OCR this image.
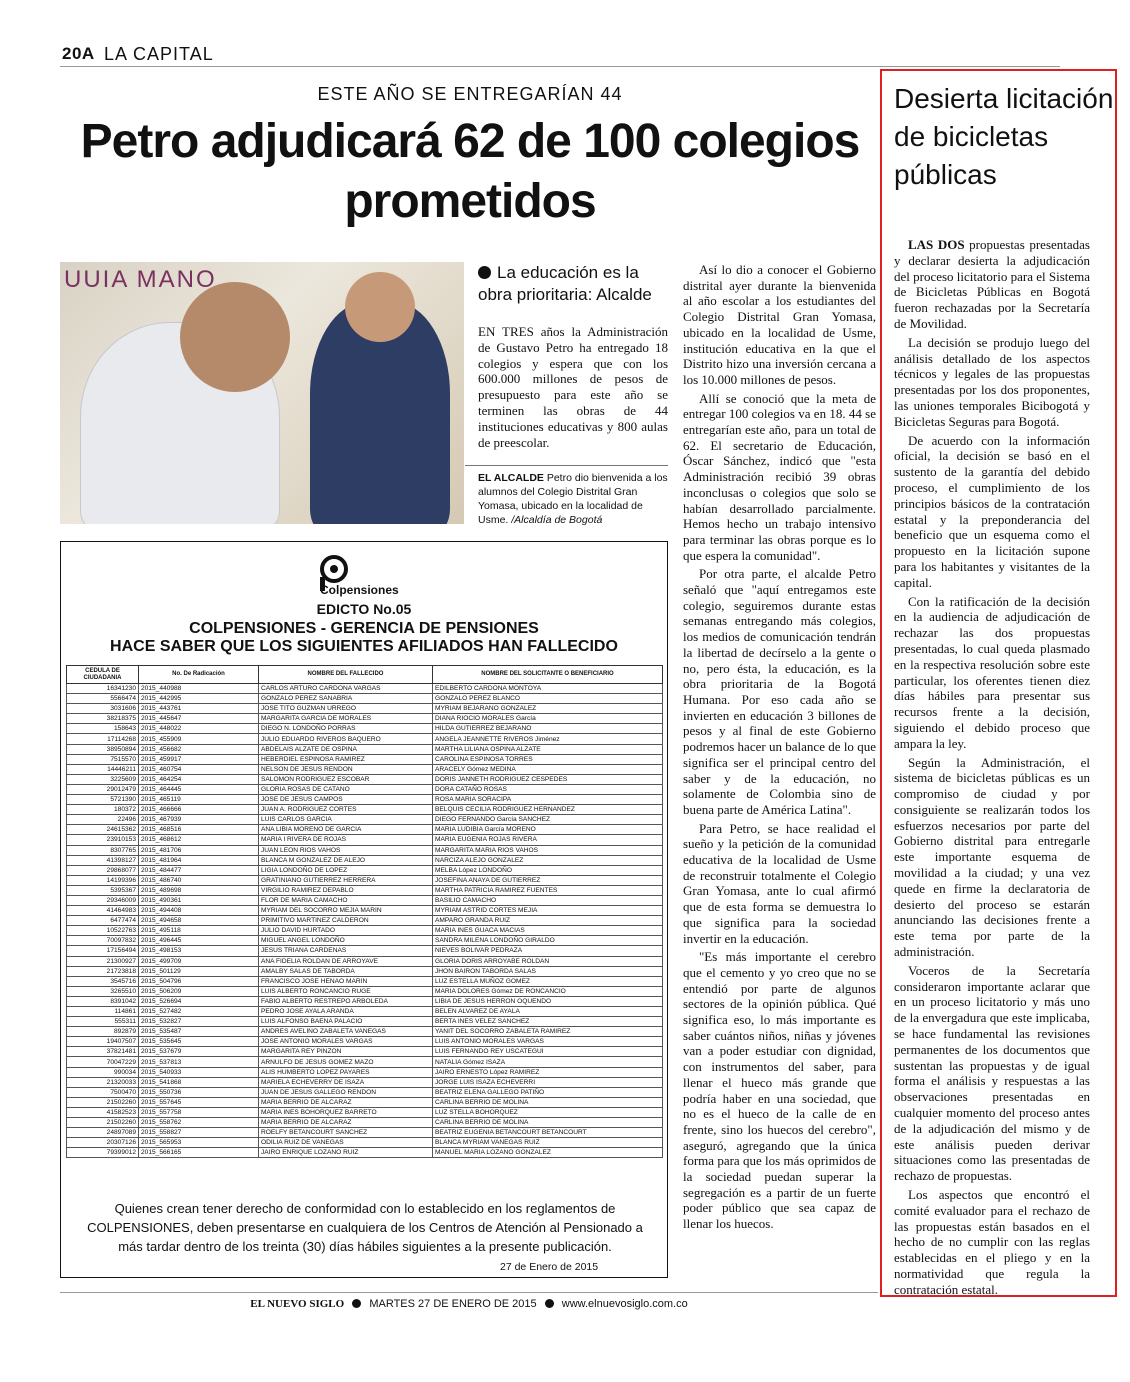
20A LA CAPITAL
ESTE AÑO SE ENTREGARÍAN 44
Petro adjudicará 62 de 100 colegios prometidos
UUIA MANO	La educación es la obra prioritaria: Alcalde
EN TRES años la Administración de Gustavo Petro ha entregado 18 colegios y espera que con los 600.000 millones de pesos de presupuesto para este año se terminen las obras de 44 instituciones educativas y 800 aulas de preescolar.
EL ALCALDE Petro dio bienvenida a los alumnos del Colegio Distrital Gran Yomasa, ubicado en la localidad de Usme. /Alcaldía de Bogotá

Así lo dio a conocer el Gobierno distrital ayer durante la bienvenida al año escolar a los estudiantes del Colegio Distrital Gran Yomasa, ubicado en la localidad de Usme, institución educativa en la que el Distrito hizo una inversión cercana a los 10.000 millones de pesos.

Allí se conoció que la meta de entregar 100 colegios va en 18. 44 se entregarían este año, para un total de 62. El secretario de Educación, Óscar Sánchez, indicó que "esta Administración recibió 39 obras inconclusas o colegios que solo se habían desarrollado parcialmente. Hemos hecho un trabajo intensivo para terminar las obras porque es lo que espera la comunidad".

Por otra parte, el alcalde Petro señaló que "aquí entregamos este colegio, seguiremos durante estas semanas entregando más colegios, los medios de comunicación tendrán la libertad de decírselo a la gente o no, pero ésta, la educación, es la obra prioritaria de la Bogotá Humana. Por eso cada año se invierten en educación 3 billones de pesos y al final de este Gobierno podremos hacer un balance de lo que significa ser el principal centro del saber y de la educación, no solamente de Colombia sino de buena parte de América Latina".

Para Petro, se hace realidad el sueño y la petición de la comunidad educativa de la localidad de Usme de reconstruir totalmente el Colegio Gran Yomasa, ante lo cual afirmó que de esta forma se demuestra lo que significa para la sociedad invertir en la educación.

"Es más importante el cerebro que el cemento y yo creo que no se entendió por parte de algunos sectores de la opinión pública. Qué significa eso, lo más importante es saber cuántos niños, niñas y jóvenes van a poder estudiar con dignidad, con instrumentos del saber, para llenar el hueco más grande que podría haber en una sociedad, que no es el hueco de la calle de en frente, sino los huecos del cerebro", aseguró, agregando que la única forma para que los más oprimidos de la sociedad puedan superar la segregación es a partir de un fuerte poder público que sea capaz de llenar los huecos.

Colpensiones
EDICTO No.05
COLPENSIONES - GERENCIA DE PENSIONES
HACE SABER QUE LOS SIGUIENTES AFILIADOS HAN FALLECIDO
CEDULA DE CIUDADANIA	No. De Radicación	NOMBRE DEL FALLECIDO	NOMBRE DEL SOLICITANTE O BENEFICIARIO
16341230	2015_440988	CARLOS ARTURO CARDONA VARGAS	EDILBERTO CARDONA MONTOYA
5566474	2015_442995	GONZALO PEREZ SANABRIA	GONZALO PEREZ BLANCO
3031606	2015_443761	JOSE TITO GUZMAN URREGO	MYRIAM BEJARANO GONZALEZ
38218375	2015_445647	MARGARITA GARCIA DE MORALES	DIANA RIOCIO MORALES García
158643	2015_448022	DIEGO N. LONDOÑO PORRAS	HILDA GUTIERREZ BEJARANO
17114268	2015_455909	JULIO EDUARDO RIVEROS BAQUERO	ANGELA JEANNETTE RIVEROS Jiménez
38950894	2015_456682	ABDELAIS ALZATE DE OSPINA	MARTHA LILIANA OSPINA ALZATE
7515570	2015_459917	HEBERDIEL ESPINOSA RAMIREZ	CAROLINA ESPINOSA TORRES
14446211	2015_460754	NELSON DE JESUS RENDON	ARACELY Gómez MEDINA
3225609	2015_464254	SALOMON RODRIGUEZ ESCOBAR	DORIS JANNETH RODRIGUEZ CESPEDES
29012479	2015_464445	GLORIA ROSAS DE CATANO	DORA CATAÑO ROSAS
5721390	2015_465119	JOSE DE JESUS CAMPOS	ROSA MARIA SORACIPA
180372	2015_466666	JUAN A. RODRIGUEZ CORTES	BELQUIS CECILIA RODRIGUEZ HERNANDEZ
22496	2015_467939	LUIS CARLOS GARCIA	DIEGO FERNANDO García SANCHEZ
24615362	2015_468516	ANA LIBIA MORENO DE GARCIA	MARIA LUDIBIA García MORENO
23910153	2015_468612	MARIA I RIVERA DE ROJAS	MARIA EUGENIA ROJAS RIVERA
8307765	2015_481706	JUAN LEON RIOS VAHOS	MARGARITA MARIA RIOS VAHOS
41398127	2015_481964	BLANCA M GONZALEZ DE ALEJO	NARCIZA ALEJO GONZALEZ
29868077	2015_484477	LIGIA LONDOÑO DE LOPEZ	MELBA López LONDOÑO
14199396	2015_486740	GRATINIANO GUTIERREZ HERRERA	JOSEFINA ANAYA DE GUTIERREZ
5395367	2015_489698	VIRGILIO RAMIREZ DEPABLO	MARTHA PATRICIA RAMIREZ FUENTES
29346009	2015_490361	FLOR DE MARIA CAMACHO	BASILIO CAMACHO
41464983	2015_494408	MYRIAM DEL SOCORRO MEJIA MARIN	MYRIAM ASTRID CORTES MEJIA
6477474	2015_494658	PRIMITIVO MARTINEZ CALDERON	AMPARO GRANDA RUIZ
10522763	2015_495118	JULIO DAVID HURTADO	MARIA INES GUACA MACIAS
70097832	2015_496445	MIGUEL ANGEL LONDOÑO	SANDRA MILENA LONDOÑO GIRALDO
17156494	2015_498153	JESUS TRIANA CARDENAS	NIEVES BOLIVAR PEDRAZA
21300927	2015_499709	ANA FIDELIA ROLDAN DE ARROYAVE	GLORIA DORIS ARROYABE ROLDAN
21723818	2015_501129	AMALBY SALAS DE TABORDA	JHON BAIRON TABORDA SALAS
3545716	2015_504796	FRANCISCO JOSE HENAO MARIN	LUZ ESTELLA MUÑOZ GOMEZ
3265510	2015_506209	LUIS ALBERTO RONCANCIO RUGE	MARIA DOLORES Gómez DE RONCANCIO
8391042	2015_526694	FABIO ALBERTO RESTREPO ARBOLEDA	LIBIA DE JESUS HERRON OQUENDO
114861	2015_527482	PEDRO JOSE AYALA ARANDA	BELEN ALVAREZ DE AYALA
555311	2015_532827	LUIS ALFONSO BAENA PALACIO	BERTA INES VELEZ SANCHEZ
892879	2015_535487	ANDRES AVELINO ZABALETA VANEGAS	YANIT DEL SOCORRO ZABALETA RAMIREZ
19407507	2015_535645	JOSE ANTONIO MORALES VARGAS	LUIS ANTONIO MORALES VARGAS
37821481	2015_537679	MARGARITA REY PINZON	LUIS FERNANDO REY USCATEGUI
70047229	2015_537813	ARNULFO DE JESUS GOMEZ MAZO	NATALIA Gómez ISAZA
990034	2015_540933	ALIS HUMBERTO LOPEZ PAYARES	JAIRO ERNESTO López RAMIREZ
21320033	2015_541868	MARIELA ECHEVERRY DE ISAZA	JORGE LUIS ISAZA ECHEVERRI
7500470	2015_550736	JUAN DE JESUS GALLEGO RENDON	BEATRIZ ELENA GALLEGO PATIÑO
21502260	2015_557645	MARIA BERRIO DE ALCARAZ	CARLINA BERRIO DE MOLINA
41582523	2015_557758	MARIA INES BOHORQUEZ BARRETO	LUZ STELLA BOHORQUEZ
21502260	2015_558762	MARIA BERRIO DE ALCARAZ	CARLINA BERRIO DE MOLINA
24897089	2015_558827	ROELFY BETANCOURT SANCHEZ	BEATRIZ EUGENIA BETANCOURT BETANCOURT
20307126	2015_565953	ODILIA RUIZ DE VANEGAS	BLANCA MYRIAM VANEGAS RUIZ
79399012	2015_566165	JAIRO ENRIQUE LOZANO RUIZ	MANUEL MARIA LOZANO GONZALEZ
Quienes crean tener derecho de conformidad con lo establecido en los reglamentos de COLPENSIONES, deben presentarse en cualquiera de los Centros de Atención al Pensionado a más tardar dentro de los treinta (30) días hábiles siguientes a la presente publicación.
27 de Enero de 2015
Desierta licitación de bicicletas públicas

LAS DOS propuestas presentadas y declarar desierta la adjudicación del proceso licitatorio para el Sistema de Bicicletas Públicas en Bogotá fueron rechazadas por la Secretaría de Movilidad.

La decisión se produjo luego del análisis detallado de los aspectos técnicos y legales de las propuestas presentadas por los dos proponentes, las uniones temporales Bicibogotá y Bicicletas Seguras para Bogotá.

De acuerdo con la información oficial, la decisión se basó en el sustento de la garantía del debido proceso, el cumplimiento de los principios básicos de la contratación estatal y la preponderancia del beneficio que un esquema como el propuesto en la licitación supone para los habitantes y visitantes de la capital.

Con la ratificación de la decisión en la audiencia de adjudicación de rechazar las dos propuestas presentadas, lo cual queda plasmado en la respectiva resolución sobre este particular, los oferentes tienen diez días hábiles para presentar sus recursos frente a la decisión, siguiendo el debido proceso que ampara la ley.

Según la Administración, el sistema de bicicletas públicas es un compromiso de ciudad y por consiguiente se realizarán todos los esfuerzos necesarios por parte del Gobierno distrital para entregarle este importante esquema de movilidad a la ciudad; y una vez quede en firme la declaratoria de desierto del proceso se estarán anunciando las decisiones frente a este tema por parte de la administración.

Voceros de la Secretaría consideraron importante aclarar que en un proceso licitatorio y más uno de la envergadura que este implicaba, se hace fundamental las revisiones permanentes de los documentos que sustentan las propuestas y de igual forma el análisis y respuestas a las observaciones presentadas en cualquier momento del proceso antes de la adjudicación del mismo y de este análisis pueden derivar situaciones como las presentadas de rechazo de propuestas.

Los aspectos que encontró el comité evaluador para el rechazo de las propuestas están basados en el hecho de no cumplir con las reglas establecidas en el pliego y en la normatividad que regula la contratación estatal.

EL NUEVO SIGLO MARTES 27 DE ENERO DE 2015 www.elnuevosiglo.com.co
